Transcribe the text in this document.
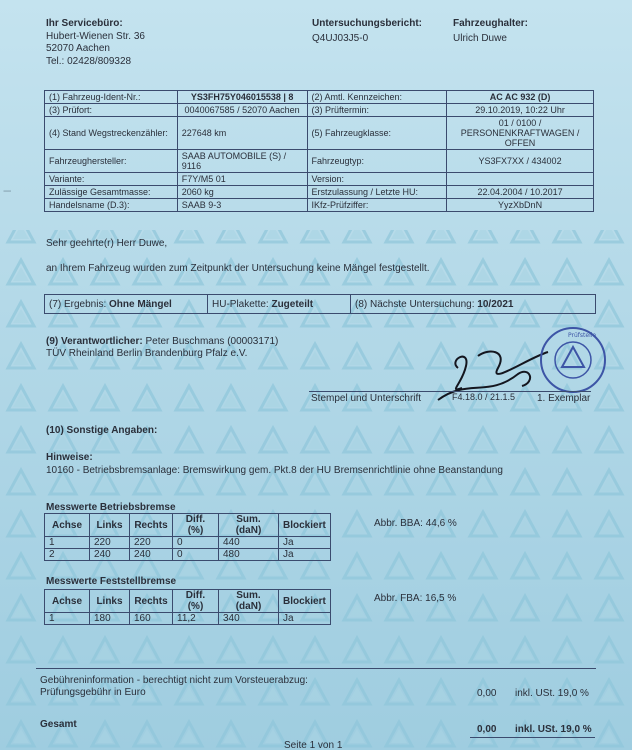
|
Ihr Servicebüro:
Hubert-Wienen Str. 36
52070 Aachen
Tel.: 02428/809328
Untersuchungsbericht:
Q4UJ03J5-0
Fahrzeughalter:
Ulrich Duwe
(1) Fahrzeug-Ident-Nr.:	YS3FH75Y046015538 | 8	(2) Amtl. Kennzeichen:	AC AC 932 (D)
(3) Prüfort:	0040067585 / 52070 Aachen	(3) Prüftermin:	29.10.2019, 10:22 Uhr
(4) Stand Wegstreckenzähler:	227648 km	(5) Fahrzeugklasse:	01 / 0100 /
PERSONENKRAFTWAGEN /
OFFEN

Fahrzeughersteller:	SAAB AUTOMOBILE (S) /
9116	Fahrzeugtyp:	YS3FX7XX / 434002
Variante:	F7Y/M5 01	Version:	
Zulässige Gesamtmasse:	2060 kg	Erstzulassung / Letzte HU:	22.04.2004 / 10.2017
Handelsname (D.3):	SAAB 9-3	IKfz-Prüfziffer:	YyzXbDnN
Sehr geehrte(r) Herr Duwe,
an Ihrem Fahrzeug wurden zum Zeitpunkt der Untersuchung keine Mängel festgestellt.
(7) Ergebnis:
Ohne Mängel	HU-Plakette:
Zugeteilt	(8) Nächste Untersuchung:
10/2021
(9) Verantwortlicher: Peter Buschmans (00003171)
TÜV Rheinland Berlin Brandenburg Pfalz e.V.
Prüfstelle
Stempel und Unterschrift	F4.18.0 / 21.1.5 1. Exemplar
(10) Sonstige Angaben:
Hinweise:
10160 - Betriebsbremsanlage: Bremswirkung gem. Pkt.8 der HU Bremsenrichtlinie ohne Beanstandung
Messwerte Betriebsbremse
Achse	Links	Rechts	Diff. (%)	Sum. (daN)	Blockiert
1	220	220	0	440	Ja
2	240	240	0	480	Ja
Abbr. BBA: 44,6 %
Messwerte Feststellbremse
Achse	Links	Rechts	Diff. (%)	Sum. (daN)	Blockiert
1	180	160	11,2	340	Ja
Abbr. FBA: 16,5 %
Gebühreninformation - berechtigt nicht zum Vorsteuerabzug:
Prüfungsgebühr in Euro	0,00 inkl. USt. 19,0 %
Gesamt	0,00 inkl. USt. 19,0 %
Seite 1 von 1
